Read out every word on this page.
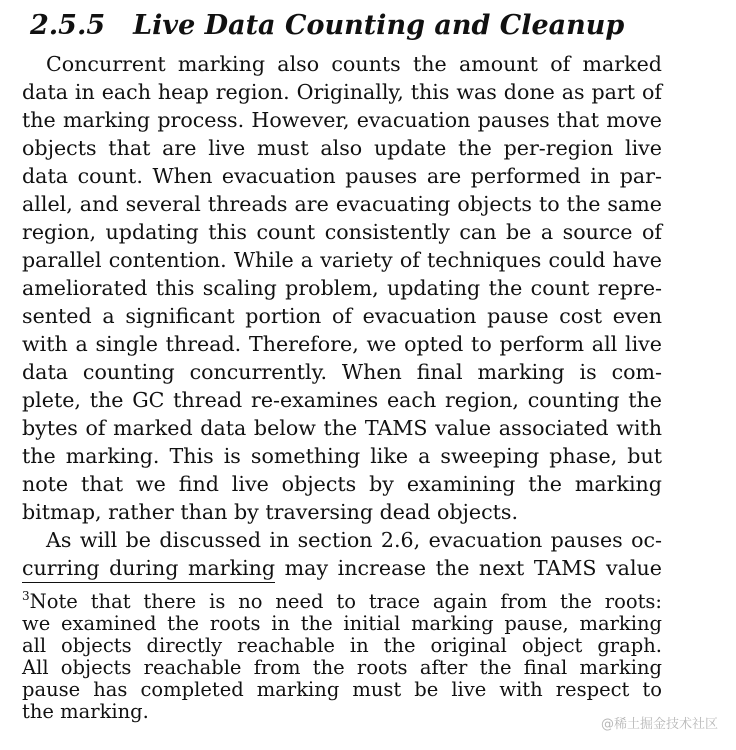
2.5.5 Live Data Counting and Cleanup
Concurrent marking also counts the amount of marked
data in each heap region. Originally, this was done as part of
the marking process. However, evacuation pauses that move
objects that are live must also update the per-region live
data count. When evacuation pauses are performed in par-
allel, and several threads are evacuating objects to the same
region, updating this count consistently can be a source of
parallel contention. While a variety of techniques could have
ameliorated this scaling problem, updating the count repre-
sented a significant portion of evacuation pause cost even
with a single thread. Therefore, we opted to perform all live
data counting concurrently. When final marking is com-
plete, the GC thread re-examines each region, counting the
bytes of marked data below the TAMS value associated with
the marking. This is something like a sweeping phase, but
note that we find live objects by examining the marking
bitmap, rather than by traversing dead objects.
As will be discussed in section 2.6, evacuation pauses oc-
curring during marking may increase the next TAMS value
$^3$Note that there is no need to trace again from the roots:
we examined the roots in the initial marking pause, marking
all objects directly reachable in the original object graph.
All objects reachable from the roots after the final marking
pause has completed marking must be live with respect to
the marking.
@稀土掘金技术社区
